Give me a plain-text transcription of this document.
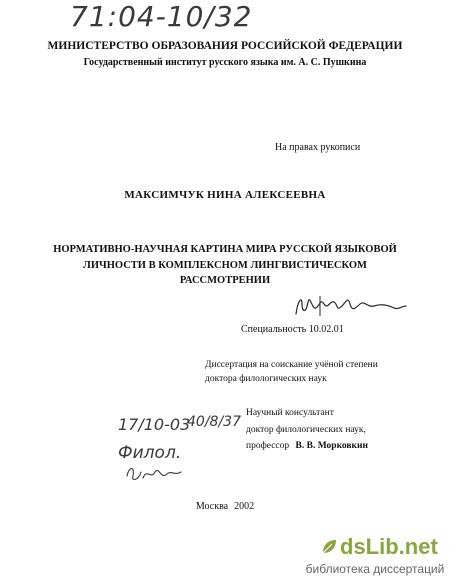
71:04-10/32
МИНИСТЕРСТВО ОБРАЗОВАНИЯ РОССИЙСКОЙ ФЕДЕРАЦИИ
Государственный институт русского языка им. А. С. Пушкина
На правах рукописи
МАКСИМЧУК НИНА АЛЕКСЕЕВНА
НОРМАТИВНО-НАУЧНАЯ КАРТИНА МИРА РУССКОЙ ЯЗЫКОВОЙ
ЛИЧНОСТИ В КОМПЛЕКСНОМ ЛИНГВИСТИЧЕСКОМ
РАССМОТРЕНИИ
Специальность 10.02.01
Диссертация на соискание учёной степени
доктора филологических наук
Научный консультант
доктор филологических наук,
профессор В. В. Морковкин
17/10-03
40/8/37
Филол.
Москва 2002
dsLib.net
библиотека диссертаций
